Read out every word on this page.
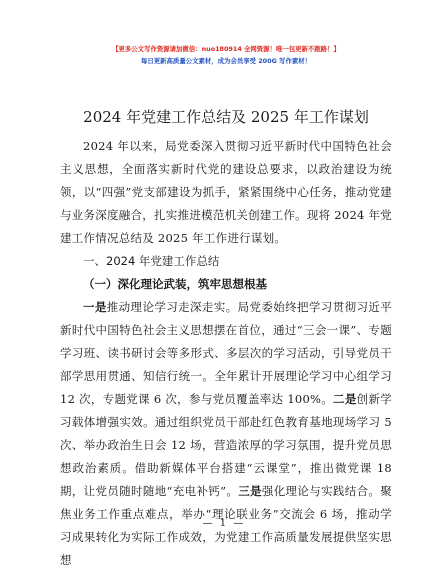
【更多公文写作资源请加微信：nuo180914 全网资源！唯一包更新不跑路！】
每日更新高质量公文素材，成为会员享受 200G 写作素材！
2024 年党建工作总结及 2025 年工作谋划
2024 年以来，局党委深入贯彻习近平新时代中国特色社会主义思想，全面落实新时代党的建设总要求，以政治建设为统领，以“四强”党支部建设为抓手，紧紧围绕中心任务，推动党建与业务深度融合，扎实推进模范机关创建工作。现将 2024 年党建工作情况总结及 2025 年工作进行谋划。
一、2024 年党建工作总结
（一）深化理论武装，筑牢思想根基
一是推动理论学习走深走实。局党委始终把学习贯彻习近平新时代中国特色社会主义思想摆在首位，通过“三会一课”、专题学习班、读书研讨会等多形式、多层次的学习活动，引导党员干部学思用贯通、知信行统一。全年累计开展理论学习中心组学习 12 次，专题党课 6 次，参与党员覆盖率达 100%。二是创新学习载体增强实效。通过组织党员干部赴红色教育基地现场学习 5 次、举办政治生日会 12 场，营造浓厚的学习氛围，提升党员思想政治素质。借助新媒体平台搭建“云课堂”，推出微党课 18 期，让党员随时随地“充电补钙”。三是强化理论与实践结合。聚焦业务工作重点难点，举办“理论联业务”交流会 6 场，推动学习成果转化为实际工作成效，为党建工作高质量发展提供坚实思想
— 1 —
